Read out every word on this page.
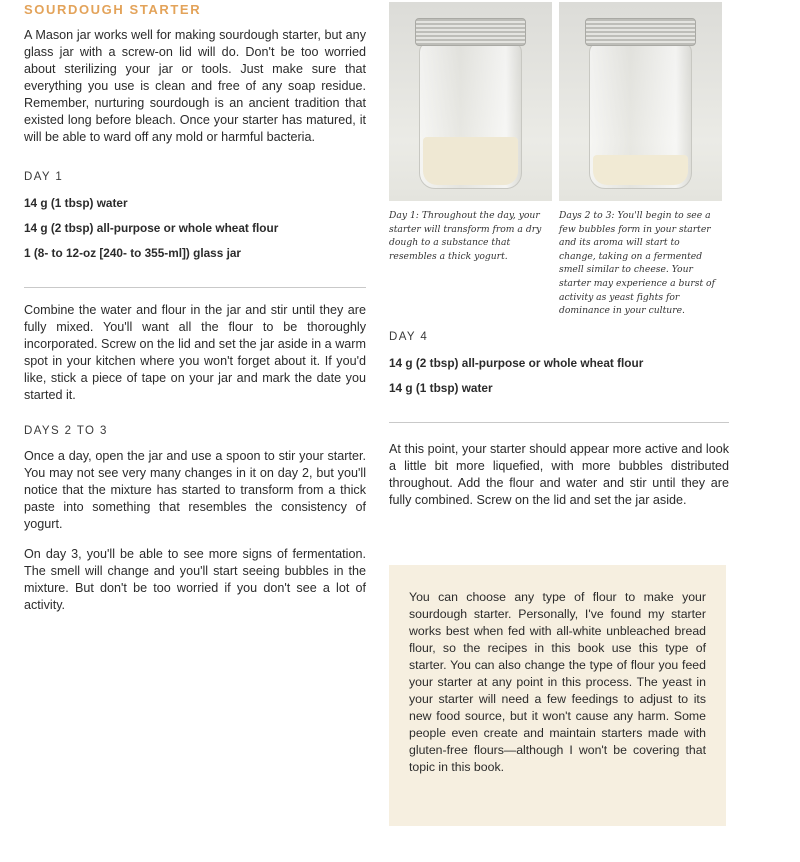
SOURDOUGH STARTER

A Mason jar works well for making sourdough starter, but any glass jar with a screw-on lid will do. Don't be too worried about sterilizing your jar or tools. Just make sure that everything you use is clean and free of any soap residue. Remember, nurturing sourdough is an ancient tradition that existed long before bleach. Once your starter has matured, it will be able to ward off any mold or harmful bacteria.

DAY 1
14 g (1 tbsp) water
14 g (2 tbsp) all-purpose or whole wheat flour
1 (8- to 12-oz [240- to 355-ml]) glass jar

Combine the water and flour in the jar and stir until they are fully mixed. You'll want all the flour to be thoroughly incorporated. Screw on the lid and set the jar aside in a warm spot in your kitchen where you won't forget about it. If you'd like, stick a piece of tape on your jar and mark the date you started it.

DAYS 2 TO 3

Once a day, open the jar and use a spoon to stir your starter. You may not see very many changes in it on day 2, but you'll notice that the mixture has started to transform from a thick paste into something that resembles the consistency of yogurt.

On day 3, you'll be able to see more signs of fermentation. The smell will change and you'll start seeing bubbles in the mixture. But don't be too worried if you don't see a lot of activity.

Day 1: Throughout the day, your starter will transform from a dry dough to a substance that resembles a thick yogurt.
Days 2 to 3: You'll begin to see a few bubbles form in your starter and its aroma will start to change, taking on a fermented smell similar to cheese. Your starter may experience a burst of activity as yeast fights for dominance in your culture.
DAY 4
14 g (2 tbsp) all-purpose or whole wheat flour
14 g (1 tbsp) water

At this point, your starter should appear more active and look a little bit more liquefied, with more bubbles distributed throughout. Add the flour and water and stir until they are fully combined. Screw on the lid and set the jar aside.

You can choose any type of flour to make your sourdough starter. Personally, I've found my starter works best when fed with all-white unbleached bread flour, so the recipes in this book use this type of starter. You can also change the type of flour you feed your starter at any point in this process. The yeast in your starter will need a few feedings to adjust to its new food source, but it won't cause any harm. Some people even create and maintain starters made with gluten-free flours—although I won't be covering that topic in this book.
